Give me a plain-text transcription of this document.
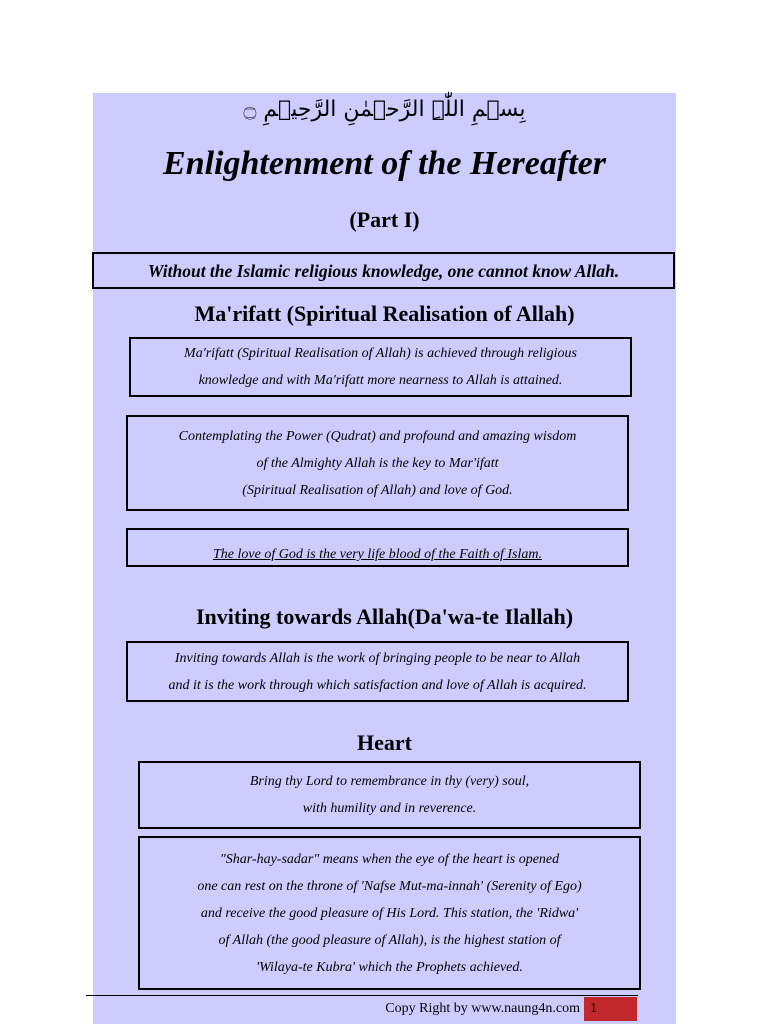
بِسۡمِ اللّٰہِ الرَّحۡمٰنِ الرَّحِیۡمِ ۝
Enlightenment of the Hereafter
(Part I)
Without the Islamic religious knowledge, one cannot know Allah.
Ma'rifatt (Spiritual Realisation of Allah)
Ma'rifatt (Spiritual Realisation of Allah) is achieved through religious
knowledge and with Ma'rifatt more nearness to Allah is attained.
Contemplating the Power (Qudrat) and profound and amazing wisdom
of the Almighty Allah is the key to Mar'ifatt
(Spiritual Realisation of Allah) and love of God.
The love of God is the very life blood of the Faith of Islam.
Inviting towards Allah(Da'wa-te Ilallah)
Inviting towards Allah is the work of bringing people to be near to Allah
and it is the work through which satisfaction and love of Allah is acquired.
Heart
Bring thy Lord to remembrance in thy (very) soul,
with humility and in reverence.
"Shar-hay-sadar" means when the eye of the heart is opened
one can rest on the throne of 'Nafse Mut-ma-innah' (Serenity of Ego)
and receive the good pleasure of His Lord. This station, the 'Ridwa'
of Allah (the good pleasure of Allah), is the highest station of
'Wilaya-te Kubra' which the Prophets achieved.
Copy Right by www.naung4n.com 1
